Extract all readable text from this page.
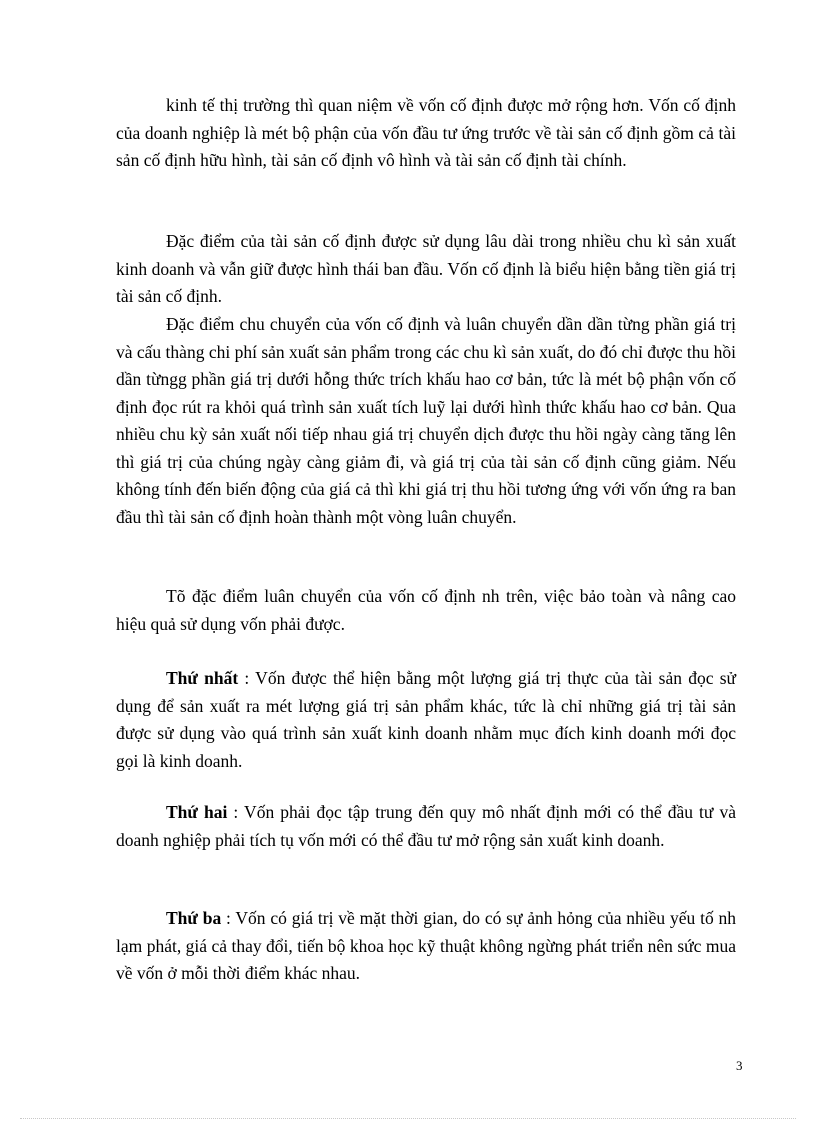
kinh tế thị trường thì quan niệm về vốn cố định được mở rộng hơn. Vốn cố định của doanh nghiệp là mét bộ phận của vốn đầu tư ứng trước về tài sản cố định gồm cả tài sản cố định hữu hình, tài sản cố định vô hình và tài sản cố định tài chính.

Đặc điểm của tài sản cố định được sử dụng lâu dài trong nhiều chu kì sản xuất kinh doanh và vẫn giữ được hình thái ban đầu. Vốn cố định là biểu hiện bằng tiền giá trị tài sản cố định.

Đặc điểm chu chuyển của vốn cố định và luân chuyển dần dần từng phần giá trị và cấu thàng chi phí sản xuất sản phẩm trong các chu kì sản xuất, do đó chỉ được thu hồi dần từngg phần giá trị dưới hỗng thức trích khấu hao cơ bản, tức là mét bộ phận vốn cố định đọc rút ra khỏi quá trình sản xuất tích luỹ lại dưới hình thức khấu hao cơ bản. Qua nhiều chu kỳ sản xuất nối tiếp nhau giá trị chuyển dịch được thu hồi ngày càng tăng lên thì giá trị của chúng ngày càng giảm đi, và giá trị của tài sản cố định cũng giảm. Nếu không tính đến biến động của giá cả thì khi giá trị thu hồi tương ứng với vốn ứng ra ban đầu thì tài sản cố định hoàn thành một vòng luân chuyển.

Tõ đặc điểm luân chuyển của vốn cố định nh trên, việc bảo toàn và nâng cao hiệu quả sử dụng vốn phải được.

Thứ nhất : Vốn được thể hiện bằng một lượng giá trị thực của tài sản đọc sử dụng để sản xuất ra mét lượng giá trị sản phẩm khác, tức là chỉ những giá trị tài sản được sử dụng vào quá trình sản xuất kinh doanh nhằm mục đích kinh doanh mới đọc gọi là kinh doanh.

Thứ hai : Vốn phải đọc tập trung đến quy mô nhất định mới có thể đầu tư và doanh nghiệp phải tích tụ vốn mới có thể đầu tư mở rộng sản xuất kinh doanh.

Thứ ba : Vốn có giá trị về mặt thời gian, do có sự ảnh hỏng của nhiều yếu tố nh lạm phát, giá cả thay đổi, tiến bộ khoa học kỹ thuật không ngừng phát triển nên sức mua về vốn ở mỗi thời điểm khác nhau.

3
